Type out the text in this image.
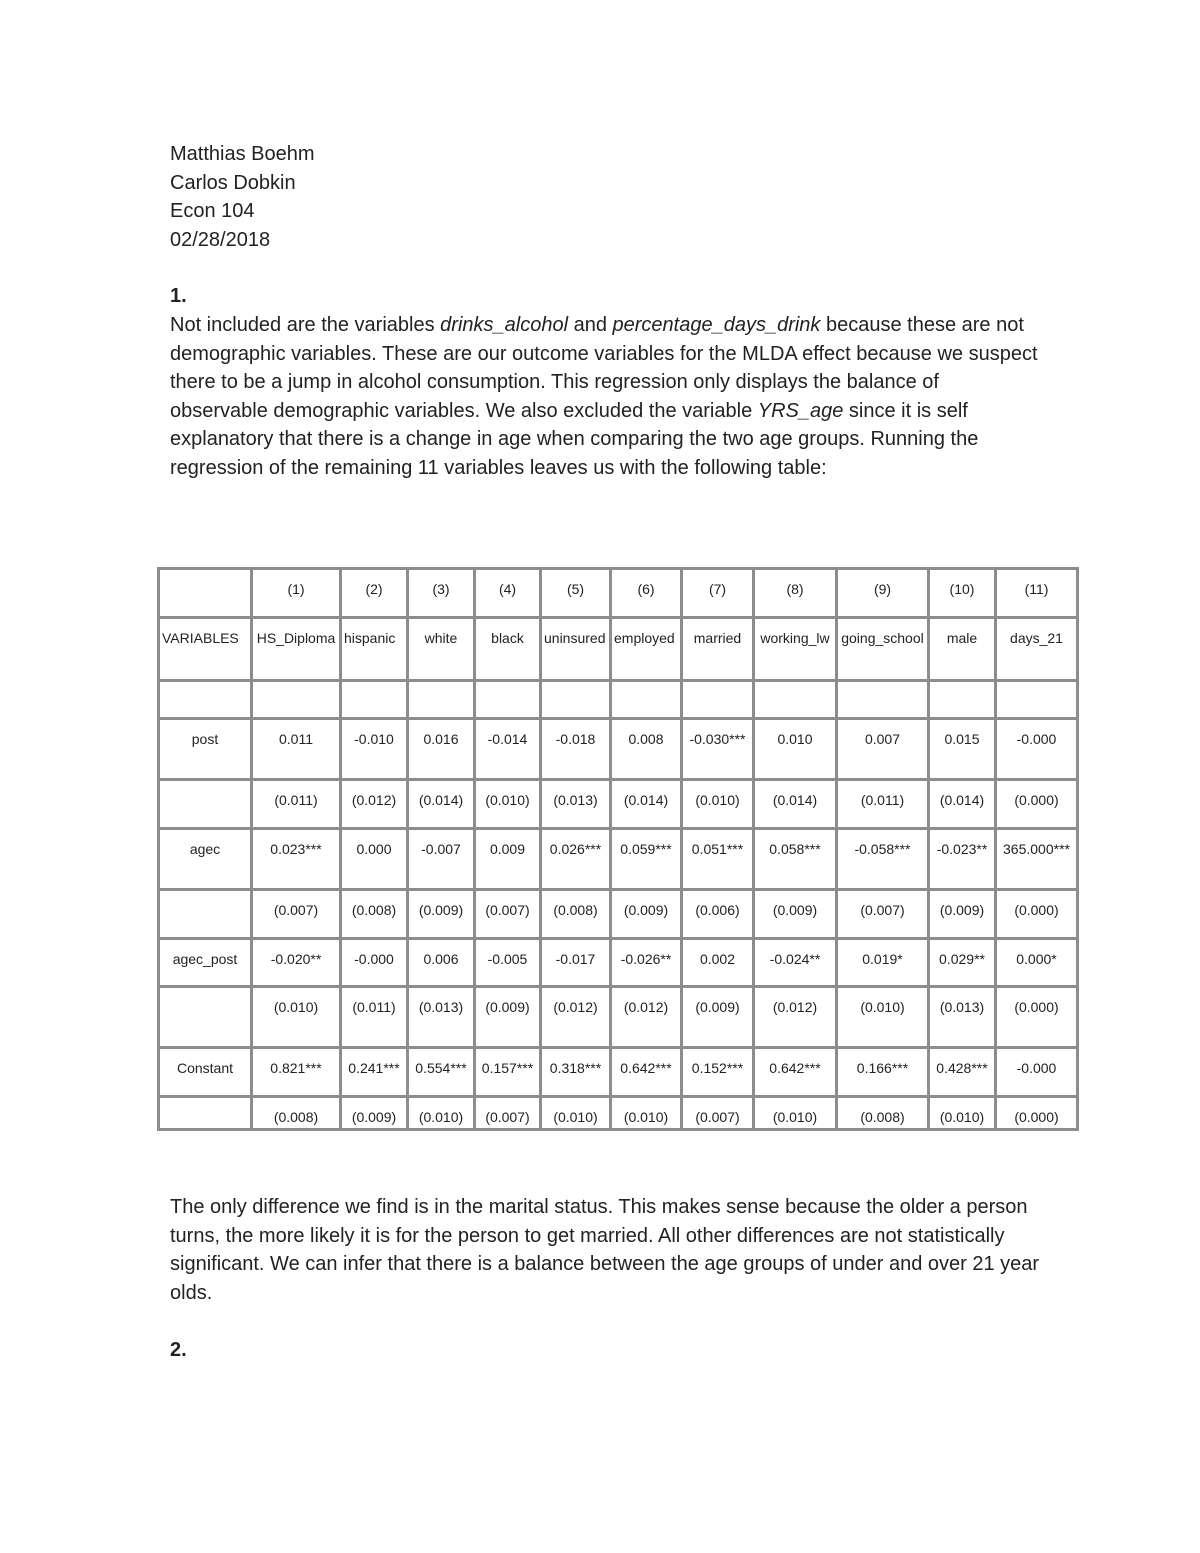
Matthias Boehm
Carlos Dobkin
Econ 104
02/28/2018
1.
Not included are the variables drinks_alcohol and percentage_days_drink because these are not demographic variables. These are our outcome variables for the MLDA effect because we suspect there to be a jump in alcohol consumption. This regression only displays the balance of observable demographic variables. We also excluded the variable YRS_age since it is self explanatory that there is a change in age when comparing the two age groups. Running the regression of the remaining 11 variables leaves us with the following table:

	(1)	(2)	(3)	(4)	(5)	(6)	(7)	(8)	(9)	(10)	(11)

VARIABLES	HS_Diploma	hispanic	white	black	uninsured	employed	married	working_lw	going_school	male	days_21

post	0.011	-0.010	0.016	-0.014	-0.018	0.008	-0.030***	0.010	0.007	0.015	-0.000

	(0.011)	(0.012)	(0.014)	(0.010)	(0.013)	(0.014)	(0.010)	(0.014)	(0.011)	(0.014)	(0.000)

agec	0.023***	0.000	-0.007	0.009	0.026***	0.059***	0.051***	0.058***	-0.058***	-0.023**	365.000***

	(0.007)	(0.008)	(0.009)	(0.007)	(0.008)	(0.009)	(0.006)	(0.009)	(0.007)	(0.009)	(0.000)

agec_post	-0.020**	-0.000	0.006	-0.005	-0.017	-0.026**	0.002	-0.024**	0.019*	0.029**	0.000*

	(0.010)	(0.011)	(0.013)	(0.009)	(0.012)	(0.012)	(0.009)	(0.012)	(0.010)	(0.013)	(0.000)

Constant	0.821***	0.241***	0.554***	0.157***	0.318***	0.642***	0.152***	0.642***	0.166***	0.428***	-0.000

	(0.008)	(0.009)	(0.010)	(0.007)	(0.010)	(0.010)	(0.007)	(0.010)	(0.008)	(0.010)	(0.000)
The only difference we find is in the marital status. This makes sense because the older a person turns, the more likely it is for the person to get married. All other differences are not statistically significant. We can infer that there is a balance between the age groups of under and over 21 year olds.
2.
